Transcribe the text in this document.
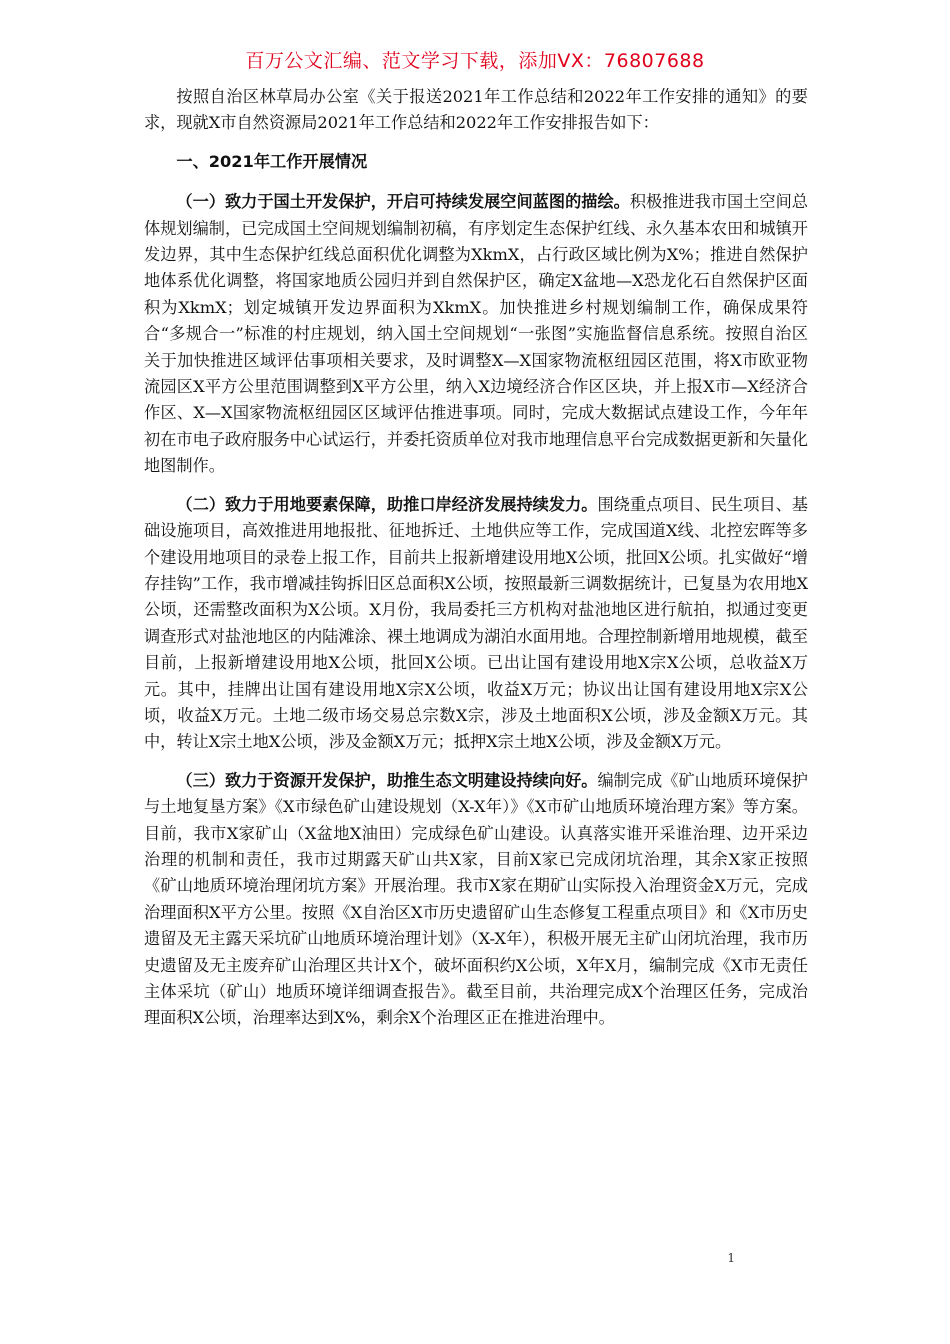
百万公文汇编、范文学习下载，添加VX：76807688

按照自治区林草局办公室《关于报送2021年工作总结和2022年工作安排的通知》的要求，现就X市自然资源局2021年工作总结和2022年工作安排报告如下：

一、2021年工作开展情况

（一）致力于国土开发保护，开启可持续发展空间蓝图的描绘。积极推进我市国土空间总体规划编制，已完成国土空间规划编制初稿，有序划定生态保护红线、永久基本农田和城镇开发边界，其中生态保护红线总面积优化调整为XkmX，占行政区域比例为X%；推进自然保护地体系优化调整，将国家地质公园归并到自然保护区，确定X盆地—X恐龙化石自然保护区面积为XkmX；划定城镇开发边界面积为XkmX。加快推进乡村规划编制工作，确保成果符合“多规合一”标准的村庄规划，纳入国土空间规划“一张图”实施监督信息系统。按照自治区关于加快推进区域评估事项相关要求，及时调整X—X国家物流枢纽园区范围，将X市欧亚物流园区X平方公里范围调整到X平方公里，纳入X边境经济合作区区块，并上报X市—X经济合作区、X—X国家物流枢纽园区区域评估推进事项。同时，完成大数据试点建设工作，今年年初在市电子政府服务中心试运行，并委托资质单位对我市地理信息平台完成数据更新和矢量化地图制作。

（二）致力于用地要素保障，助推口岸经济发展持续发力。围绕重点项目、民生项目、基础设施项目，高效推进用地报批、征地拆迁、土地供应等工作，完成国道X线、北控宏晖等多个建设用地项目的录卷上报工作，目前共上报新增建设用地X公顷，批回X公顷。扎实做好“增存挂钩”工作，我市增减挂钩拆旧区总面积X公顷，按照最新三调数据统计，已复垦为农用地X公顷，还需整改面积为X公顷。X月份，我局委托三方机构对盐池地区进行航拍，拟通过变更调查形式对盐池地区的内陆滩涂、裸土地调成为湖泊水面用地。合理控制新增用地规模，截至目前，上报新增建设用地X公顷，批回X公顷。已出让国有建设用地X宗X公顷，总收益X万元。其中，挂牌出让国有建设用地X宗X公顷，收益X万元；协议出让国有建设用地X宗X公顷，收益X万元。土地二级市场交易总宗数X宗，涉及土地面积X公顷，涉及金额X万元。其中，转让X宗土地X公顷，涉及金额X万元；抵押X宗土地X公顷，涉及金额X万元。

（三）致力于资源开发保护，助推生态文明建设持续向好。编制完成《矿山地质环境保护与土地复垦方案》《X市绿色矿山建设规划（X-X年）》《X市矿山地质环境治理方案》等方案。目前，我市X家矿山（X盆地X油田）完成绿色矿山建设。认真落实谁开采谁治理、边开采边治理的机制和责任，我市过期露天矿山共X家，目前X家已完成闭坑治理，其余X家正按照《矿山地质环境治理闭坑方案》开展治理。我市X家在期矿山实际投入治理资金X万元，完成治理面积X平方公里。按照《X自治区X市历史遗留矿山生态修复工程重点项目》和《X市历史遗留及无主露天采坑矿山地质环境治理计划》（X-X年），积极开展无主矿山闭坑治理，我市历史遗留及无主废弃矿山治理区共计X个，破坏面积约X公顷，X年X月，编制完成《X市无责任主体采坑（矿山）地质环境详细调查报告》。截至目前，共治理完成X个治理区任务，完成治理面积X公顷，治理率达到X%，剩余X个治理区正在推进治理中。

1
